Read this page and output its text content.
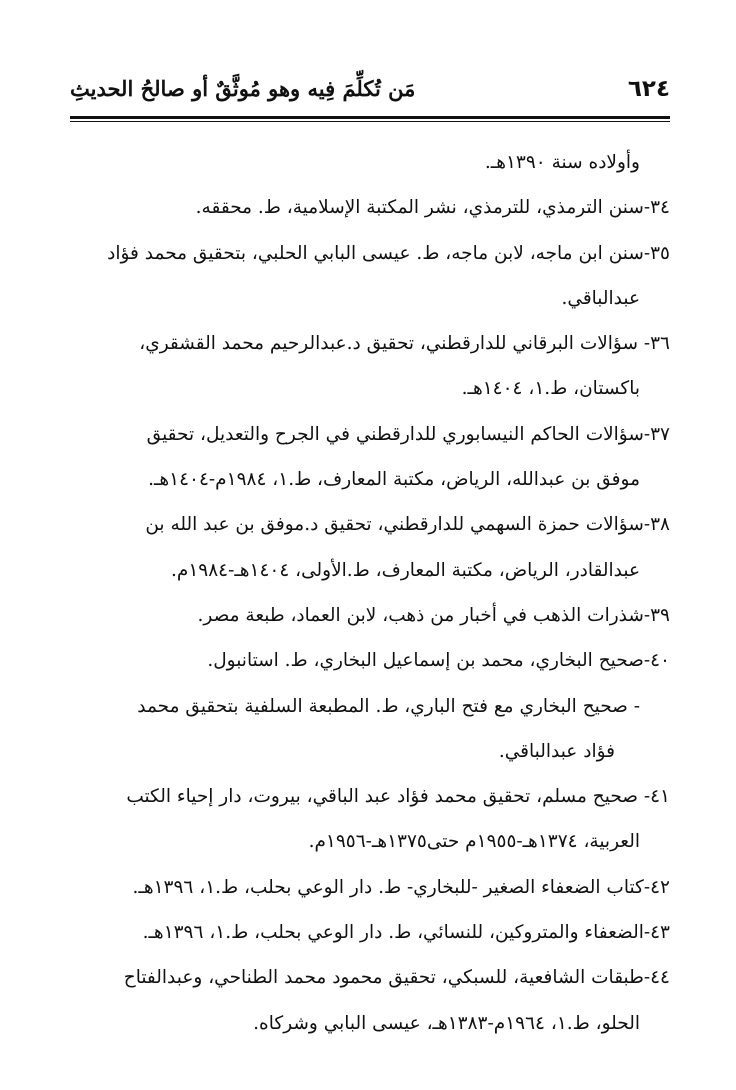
٦٢٤
مَن تُكلِّمَ فِيه وهو مُوثَّقٌ أو صالحُ الحديثِ
وأولاده سنة ١٣٩٠هـ.
٣٤-سنن الترمذي، للترمذي، نشر المكتبة الإسلامية، ط. محققه.
٣٥-سنن ابن ماجه، لابن ماجه، ط. عيسى البابي الحلبي، بتحقيق محمد فؤاد
عبدالباقي.
٣٦- سؤالات البرقاني للدارقطني، تحقيق د.عبدالرحيم محمد القشقري،
باكستان، ط.١، ١٤٠٤هـ.
٣٧-سؤالات الحاكم النيسابوري للدارقطني في الجرح والتعديل، تحقيق
موفق بن عبدالله، الرياض، مكتبة المعارف، ط.١، ١٩٨٤م-١٤٠٤هـ.
٣٨-سؤالات حمزة السهمي للدارقطني، تحقيق د.موفق بن عبد الله بن
عبدالقادر، الرياض، مكتبة المعارف، ط.الأولى، ١٤٠٤هـ-١٩٨٤م.
٣٩-شذرات الذهب في أخبار من ذهب، لابن العماد، طبعة مصر.
٤٠-صحيح البخاري، محمد بن إسماعيل البخاري، ط. استانبول.
- صحيح البخاري مع فتح الباري، ط. المطبعة السلفية بتحقيق محمد
فؤاد عبدالباقي.
٤١- صحيح مسلم، تحقيق محمد فؤاد عبد الباقي، بيروت، دار إحياء الكتب
العربية، ١٣٧٤هـ-١٩٥٥م حتى١٣٧٥هـ-١٩٥٦م.
٤٢-كتاب الضعفاء الصغير -للبخاري- ط. دار الوعي بحلب، ط.١، ١٣٩٦هـ.
٤٣-الضعفاء والمتروكين، للنسائي، ط. دار الوعي بحلب، ط.١، ١٣٩٦هـ.
٤٤-طبقات الشافعية، للسبكي، تحقيق محمود محمد الطناحي، وعبدالفتاح
الحلو، ط.١، ١٩٦٤م-١٣٨٣هـ، عيسى البابي وشركاه.
